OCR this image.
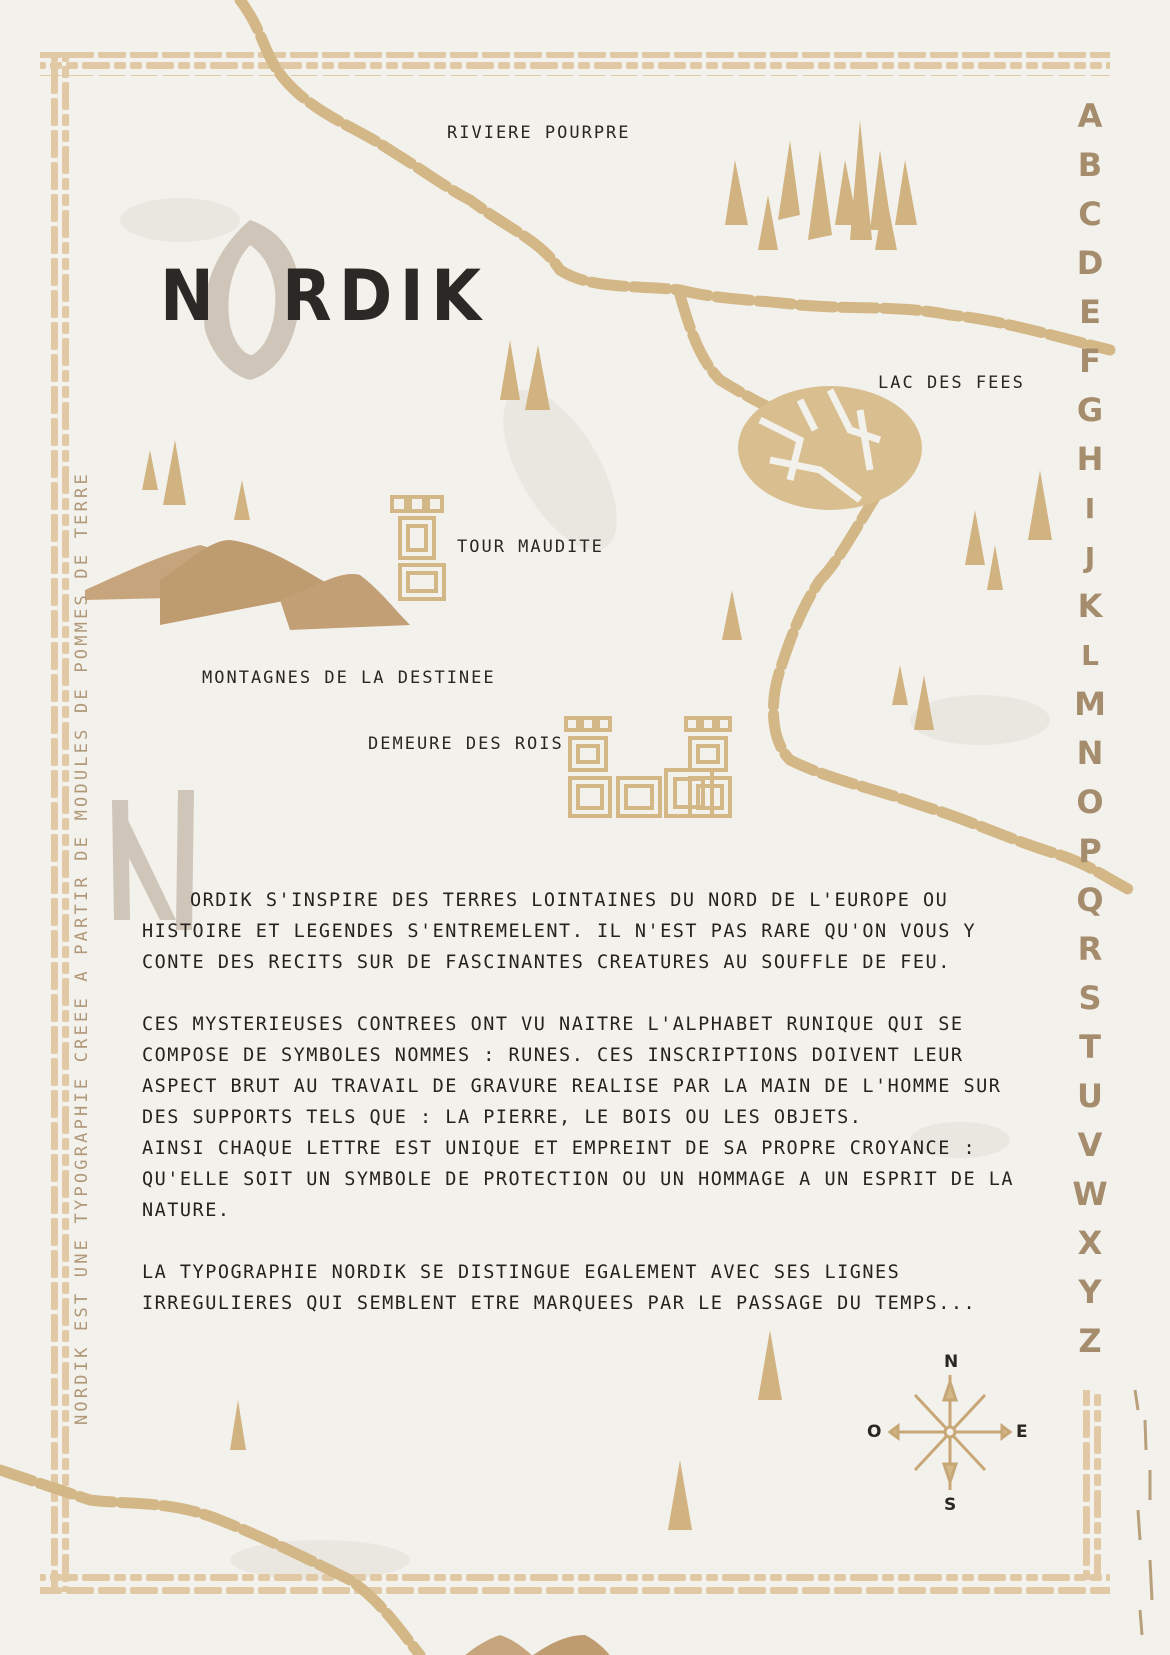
N RDIK
RIVIERE POURPRE
LAC DES FEES
TOUR MAUDITE
MONTAGNES DE LA DESTINEE
DEMEURE DES ROIS

ORDIK S'INSPIRE DES TERRES LOINTAINES DU NORD DE L'EUROPE OU HISTOIRE ET LEGENDES S'ENTREMELENT. IL N'EST PAS RARE QU'ON VOUS Y CONTE DES RECITS SUR DE FASCINANTES CREATURES AU SOUFFLE DE FEU.

CES MYSTERIEUSES CONTREES ONT VU NAITRE L'ALPHABET RUNIQUE QUI SE COMPOSE DE SYMBOLES NOMMES : RUNES. CES INSCRIPTIONS DOIVENT LEUR ASPECT BRUT AU TRAVAIL DE GRAVURE REALISE PAR LA MAIN DE L'HOMME SUR DES SUPPORTS TELS QUE : LA PIERRE, LE BOIS OU LES OBJETS.
AINSI CHAQUE LETTRE EST UNIQUE ET EMPREINT DE SA PROPRE CROYANCE : QU'ELLE SOIT UN SYMBOLE DE PROTECTION OU UN HOMMAGE A UN ESPRIT DE LA NATURE.

LA TYPOGRAPHIE NORDIK SE DISTINGUE EGALEMENT AVEC SES LIGNES IRREGULIERES QUI SEMBLENT ETRE MARQUEES PAR LE PASSAGE DU TEMPS...

NORDIK EST UNE TYPOGRAPHIE CREEE A PARTIR DE MODULES DE POMMES DE TERRE
A
B
C
D
E
F
G
H
I
J
K
L
M
N
O
P
Q
R
S
T
U
V
W
X
Y
Z
N
S
E
O
